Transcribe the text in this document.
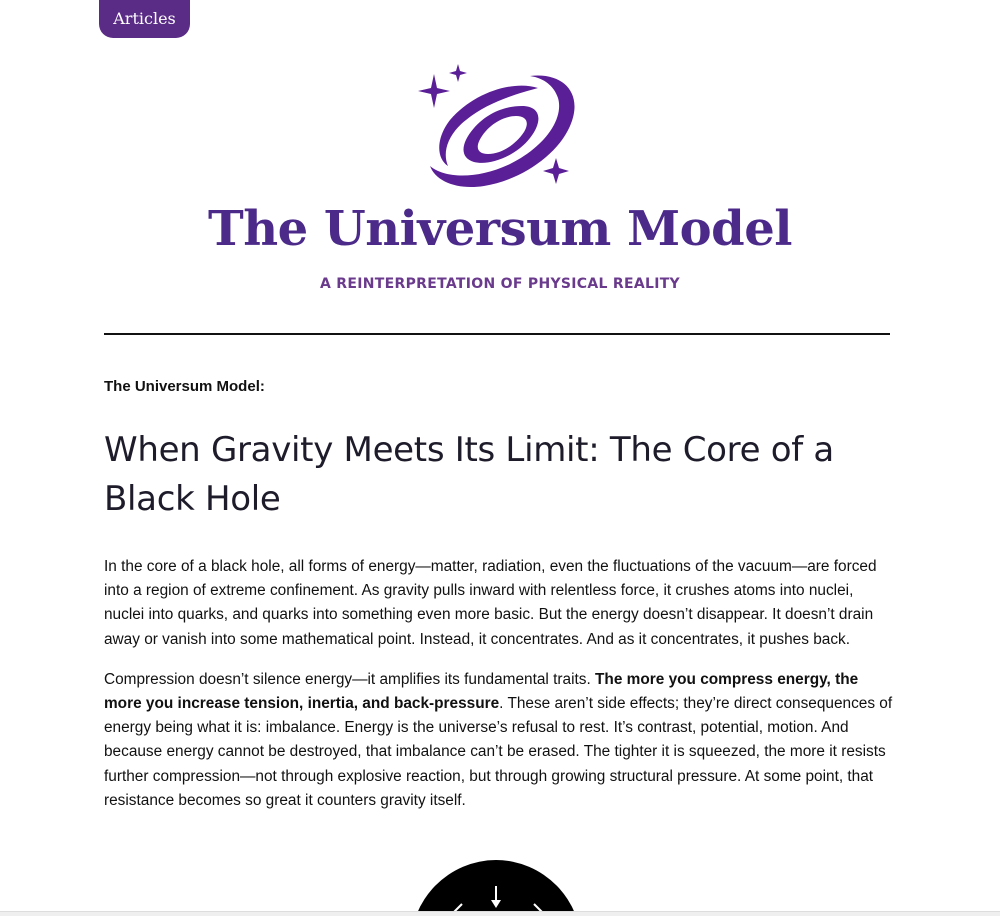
Articles
The Universum Model
A REINTERPRETATION OF PHYSICAL REALITY

The Universum Model:

When Gravity Meets Its Limit: The Core of a Black Hole

In the core of a black hole, all forms of energy—matter, radiation, even the fluctuations of the vacuum—are forced into a region of extreme confinement. As gravity pulls inward with relentless force, it crushes atoms into nuclei, nuclei into quarks, and quarks into something even more basic. But the energy doesn’t disappear. It doesn’t drain away or vanish into some mathematical point. Instead, it concentrates. And as it concentrates, it pushes back.

Compression doesn’t silence energy—it amplifies its fundamental traits. The more you compress energy, the more you increase tension, inertia, and back-pressure. These aren’t side effects; they’re direct consequences of energy being what it is: imbalance. Energy is the universe’s refusal to rest. It’s contrast, potential, motion. And because energy cannot be destroyed, that imbalance can’t be erased. The tighter it is squeezed, the more it resists further compression—not through explosive reaction, but through growing structural pressure. At some point, that resistance becomes so great it counters gravity itself.
